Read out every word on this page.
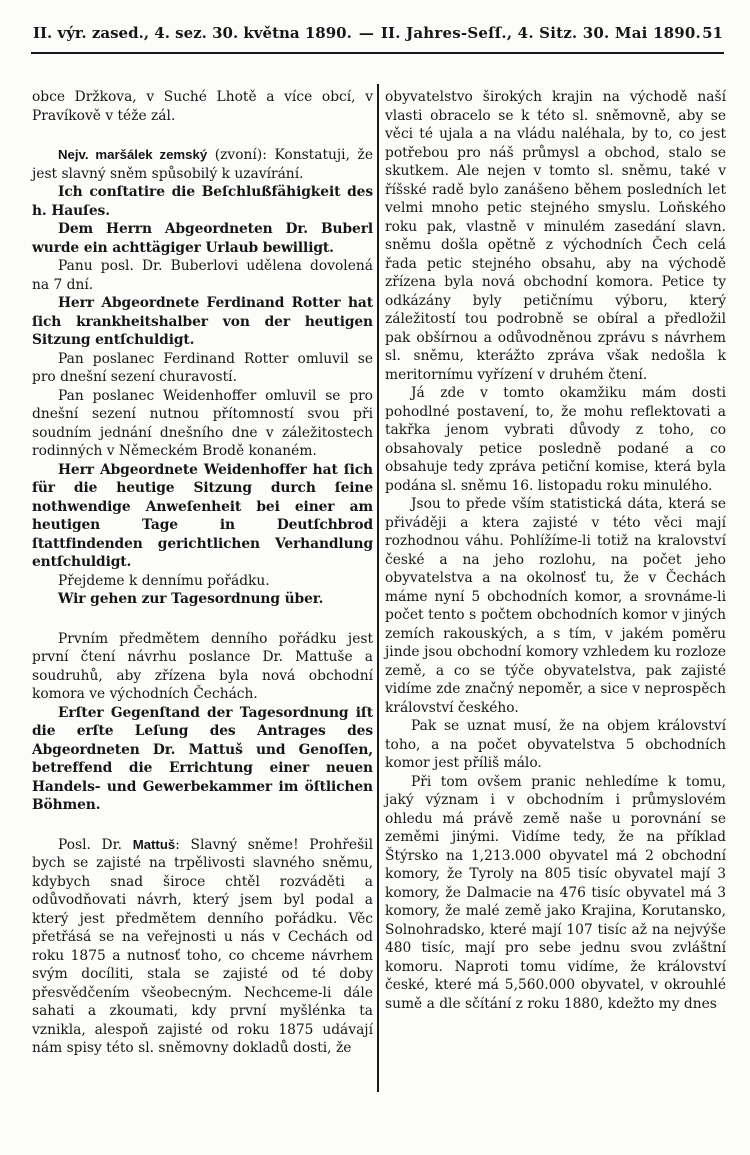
II. výr. zased., 4. sez. 30. května 1890. — II. Jahres-Seſſ., 4. Sitz. 30. Mai 1890. 51

obce Držkova, v Suché Lhotě a více obcí, v Pravíkově v téže zál.

Nejv. maršálek zemský (zvoní): Konstatuji, že jest slavný sněm spůsobilý k uzavírání.

Ich conſtatire die Beſchlußfähigkeit des h. Hauſes.

Dem Herrn Abgeordneten Dr. Buberl wurde ein achttägiger Urlaub bewilligt.

Panu posl. Dr. Buberlovi udělena dovolená na 7 dní.

Herr Abgeordnete Ferdinand Rotter hat ſich krankheitshalber von der heutigen Sitzung entſchuldigt.

Pan poslanec Ferdinand Rotter omluvil se pro dnešní sezení churavostí.

Pan poslanec Weidenhoffer omluvil se pro dnešní sezení nutnou přítomností svou při soudním jednání dnešního dne v záležitostech rodinných v Německém Brodě konaném.

Herr Abgeordnete Weidenhoffer hat ſich für die heutige Sitzung durch ſeine nothwendige Anweſenheit bei einer am heutigen Tage in Deutſchbrod ſtattfindenden gerichtlichen Verhandlung entſchuldigt.

Přejdeme k dennímu pořádku.

Wir gehen zur Tagesordnung über.

Prvním předmětem denního pořádku jest první čtení návrhu poslance Dr. Mattuše a soudruhů, aby zřízena byla nová obchodní komora ve východních Čechách.

Erſter Gegenſtand der Tagesordnung iſt die erſte Leſung des Antrages des Abgeordneten Dr. Mattuš und Genoſſen, betreffend die Errichtung einer neuen Handels- und Gewerbekammer im öſtlichen Böhmen.

Posl. Dr. Mattuš: Slavný sněme! Prohřešil bych se zajisté na trpělivosti slavného sněmu, kdybych snad široce chtěl rozváděti a odůvodňovati návrh, který jsem byl podal a který jest předmětem denního pořádku. Věc přetřásá se na veřejnosti u nás v Cechách od roku 1875 a nutnosť toho, co chceme návrhem svým docíliti, stala se zajisté od té doby přesvědčením všeobecným. Nechceme-li dále sahati a zkoumati, kdy první myšlénka ta vznikla, alespoň zajisté od roku 1875 udávají nám spisy této sl. sněmovny dokladů dosti, že

obyvatelstvo širokých krajin na východě naší vlasti obracelo se k této sl. sněmovně, aby se věci té ujala a na vládu naléhala, by to, co jest potřebou pro náš průmysl a obchod, stalo se skutkem. Ale nejen v tomto sl. sněmu, také v říšské radě bylo zanášeno během posledních let velmi mnoho petic stejného smyslu. Loňského roku pak, vlastně v minulém zasedání slavn. sněmu došla opětně z východních Čech celá řada petic stejného obsahu, aby na východě zřízena byla nová obchodní komora. Petice ty odkázány byly petičnímu výboru, který záležitostí tou podrobně se obíral a předložil pak obšírnou a odůvodněnou zprávu s návrhem sl. sněmu, kterážto zpráva však nedošla k meritornímu vyřízení v druhém čtení.

Já zde v tomto okamžiku mám dosti pohodlné postavení, to, že mohu reflektovati a takřka jenom vybrati důvody z toho, co obsahovaly petice posledně podané a co obsahuje tedy zpráva petiční komise, která byla podána sl. sněmu 16. listopadu roku minulého.

Jsou to přede vším statistická dáta, která se přiváději a ktera zajisté v této věci mají rozhodnou váhu. Pohlížíme-li totiž na kralovství české a na jeho rozlohu, na počet jeho obyvatelstva a na okolnosť tu, že v Čechách máme nyní 5 obchodních komor, a srovnáme-li počet tento s počtem obchodních komor v jiných zemích rakouských, a s tím, v jakém poměru jinde jsou obchodní komory vzhledem ku rozloze země, a co se týče obyvatelstva, pak zajisté vidíme zde značný nepoměr, a sice v neprospěch království českého.

Pak se uznat musí, že na objem království toho, a na počet obyvatelstva 5 obchodních komor jest příliš málo.

Při tom ovšem pranic nehledíme k tomu, jaký význam i v obchodním i průmyslovém ohledu má právě země naše u porovnání se zeměmi jinými. Vidíme tedy, že na příklad Štýrsko na 1,213.000 obyvatel má 2 obchodní komory, že Tyroly na 805 tisíc obyvatel mají 3 komory, že Dalmacie na 476 tisíc obyvatel má 3 komory, že malé země jako Krajina, Korutansko, Solnohradsko, které mají 107 tisíc až na nejvýše 480 tisíc, mají pro sebe jednu svou zvláštní komoru. Naproti tomu vidíme, že království české, které má 5,560.000 obyvatel, v okrouhlé sumě a dle sčítání z roku 1880, kdežto my dnes
